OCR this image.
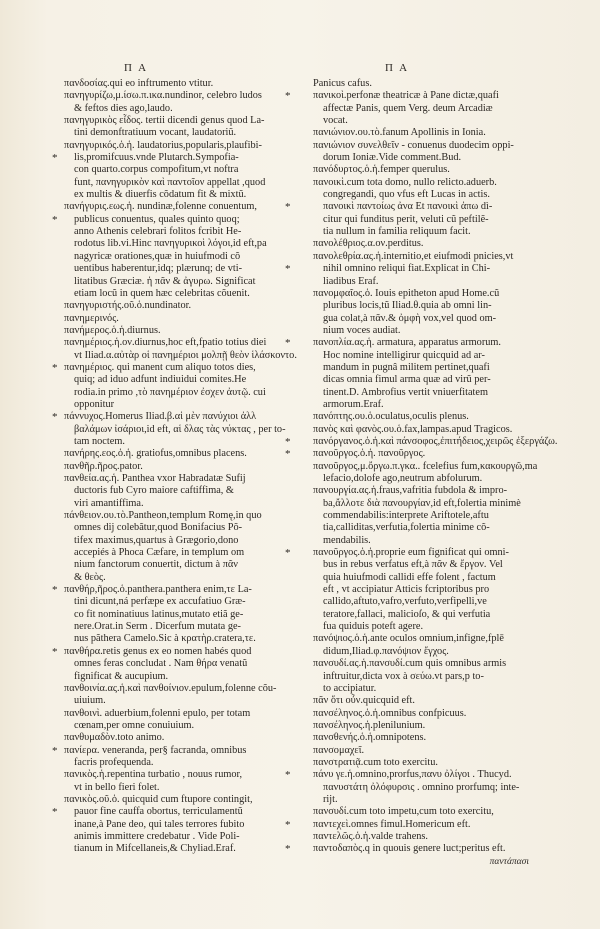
Π Α	Π Α
πανδοσίας.qui eo inftrumento vtitur.
πανηγυρίζω,μ.ίσω.π.ικα.nundinor, celebro ludos
& feftos dies ago,laudo.
πανηγυρικὸς εἶδος. tertii dicendi genus quod La-
tini demonftratiuum vocant, laudatoriũ.
πανηγυρικός.ὁ.ἡ. laudatorius,popularis,plaufibi-
* lis,promifcuus.vnde Plutarch.Sympofia-
con quarto.corpus compofitum,vt noftra
funt, πανηγυρικὸν καὶ παντοῖον appellat ,quod
ex multis & diuerfis cõdatum fit & mixtũ.
πανήγυρις.εως.ἡ. nundinæ,folenne conuentum,
* publicus conuentus, quales quinto quoq;
anno Athenis celebrari folitos fcribit He-
rodotus lib.vi.Hinc πανηγυρικοὶ λόγοι,id eft,pa
nagyricæ orationes,quæ in huiufmodi cõ
uentibus haberentur,idq; plærunq; de vti-
litatibus Græciæ. ἡ πᾶν & ἀγυρω. Significat
etiam locũ in quem hæc celebritas cõuenit.
πανηγυριστής.οῦ.ὁ.nundinator.
πανημερινός.
πανήμερος.ὁ.ἡ.diurnus.
πανημέριος.ἡ.ον.diurnus,hoc eft,fpatio totius diei
vt Iliad.α.αὐτὰρ οἱ πανημέριοι μολπῇ θεὸν ἱλάσκοντο.
* πανημέριος. qui manent cum aliquo totos dies,
quiq; ad iduo adfunt indiuidui comites.He
rodia.in primo ,τὸ πανημέριον ἐσχεν ἀυτῷ. cui
opponitur
* πάννυχος.Homerus Iliad.β.αἱ μὲν πανύχιοι ἀλλ
βαλάμων ἰσάριοι,id eft, αἱ δλας τὰς νύκτας , per to-
tam noctem.
πανήρης.εος.ὁ.ἡ. gratiofus,omnibus placens.
πανθῆρ.ῆρος.pator.
πανθεία.ας.ἡ. Panthea vxor Habradatæ Sufij
ductoris fub Cyro maiore caftiffima, &
viri amantiffima.
πάνθειον.ου.τὸ.Pantheon,templum Romę,in quo
omnes dij colebãtur,quod Bonifacius Põ-
tifex maximus,quartus à Grægorio,dono
accepiés à Phoca Cæfare, in templum om
nium fanctorum conuertit, dictum à πᾶν
& θεὸς.
* πανθήρ,ῆρος.ὁ.panthera.panthera enim,τε La-
tini dicunt,ná perfæpe ex accufatiuo Græ-
co fit nominatiuus latinus,mutato etiã ge-
nere.Orat.in Serm . Dicerfum mutata ge-
nus pãthera Camelo.Sic à κρατὴρ.cratera,τε.
* πανθήρα.retis genus ex eo nomen habés quod
omnes feras concludat . Nam θήρα venatũ
fignificat & aucupium.
πανθοινία.ας.ἡ.καὶ πανθοίνιον.epulum,folenne cõu-
uiuium.
πανθοινὶ. aduerbium,folenni epulo, per totam
cœnam,per omne conuiuium.
πανθυμαδὸν.toto animo.
* πανίερα. veneranda, per§ facranda, omnibus
facris profequenda.
πανικὸς.ἡ.repentina turbatio , nouus rumor,
vt in bello fieri folet.
πανικὸς.οῦ.ὁ. quicquid cum ftupore contingit,
* pauor fine cauffa obortus, terriculamentũ
inane,à Pane deo, qui tales terrores fubito
animis immittere credebatur . Vide Poli-
tianum in Mifcellaneis,& Chyliad.Eraf.
Panicus cafus.
* πανικοὶ.perfonæ theatricæ à Pane dictæ,quafi
affectæ Panis, quem Verg. deum Arcadiæ
vocat.
πανιώνιον.ου.τὸ.fanum Apollinis in Ionia.
πανιώνιον συνελθεῖν - conuenus duodecim oppi-
dorum Ioniæ.Vide comment.Bud.
πανόδυρτος.ὁ.ἡ.femper querulus.
πανοικὶ.cum tota domo, nullo relicto.aduerb.
congregandi, quo vfus eft Lucas in actis.
*	πανοικὶ παντοίως ἀνα Et πανοικὶ ἀπω dì-
citur qui funditus perit, veluti cũ peftilẽ-
tia nullum in familia reliquum facit.
πανολέθριος.α.ον.perditus.
πανολεθρία.ας.ἡ.internitio,et eiufmodi pnicies,vt
*	nihil omnino reliqui fiat.Explicat in Chi-
liadibus Eraf.
πανομφαῖος.ὁ. Iouis epitheton apud Home.cũ
pluribus locis,tũ Iliad.θ.quia ab omni lin-
gua colat,à πᾶν.& ὀμφὴ vox,vel quod om-
nium voces audiat.
* πανοπλία.ας.ἡ. armatura, apparatus armorum.
Hoc nomine intelligirur quicquid ad ar-
mandum in pugnâ militem pertinet,quafi
dicas omnia fimul arma quæ ad virũ per-
tinent.D. Ambrofius vertit vniuerfitatem
armorum.Eraf.
πανόπτης.ου.ὁ.oculatus,oculis plenus.
πανὸς καὶ φανὸς.ου.ὁ.fax,lampas.apud Tragicos.
* πανόργανος.ὁ.ἡ.καὶ πάνσοφος,ἐπιτήδειος,χειρῶς ἐξεργάζω.
* πανοῦργος.ὁ.ἡ. πανοῦργος.
πανοῦργος,μ.ὄργω.π.γκα.. fcelefius fum,κακουργῶ,ma
lefacio,dolofe ago,neutrum abfolurum.
πανουργία.ας.ἡ.fraus,vafritia fubdola & impro-
ba,ἄλλοτε διὰ πανουργίαν,id eft,folertia minimè
commendabilis:interprete Ariftotele,aftu
tia,calliditas,verfutia,folertia minime cõ-
mendabilis.
* πανοῦργος.ὁ.ἡ.proprie eum fignificat qui omni-
bus in rebus verfatus eft,à πᾶν & ἔργον. Vel
quia huiufmodi callidi effe folent , factum
eft , vt accipiatur Atticis fcriptoribus pro
callido,aftuto,vafro,verfuto,verfipelli,ve
teratore,fallaci, malicioſo, & qui verfutia
fua quiduis poteft agere.
πανόψιος.ὁ.ἡ.ante oculos omnium,infigne,fplē
didum,Iliad.φ.πανόψιον ἔγχος.
πανσυδί.ας.ἡ.πανσυδί.cum quis omnibus armis
inftruitur,dicta vox à σεύω.vt pars,p to-
to accipiatur.
πᾶν ὅτι οὖν.quicquid eft.
πανσέληνος.ὁ.ἡ.omnibus confpicuus.
πανσέληνος.ἡ.plenilunium.
πανσθενής.ὁ.ἡ.omnipotens.
πανσομαχεῖ.
πανστρατιᾷ.cum toto exercitu.
* πάνυ γε.ἡ.omnino,prorfus,πανυ ὀλίγοι . Thucyd.
πανυστάτη ὀλόφυρσις . omnino prorfumq; inte-
rijt.
πανσυδί.cum toto impetu,cum toto exercitu,
* παντεχεὶ.omnes fimul.Homericum eft.
παντελῶς.ὁ.ἡ.valde trahens.
* παντοδαπὸς.q in quouis genere luct;peritus eft.
παντάπασι
